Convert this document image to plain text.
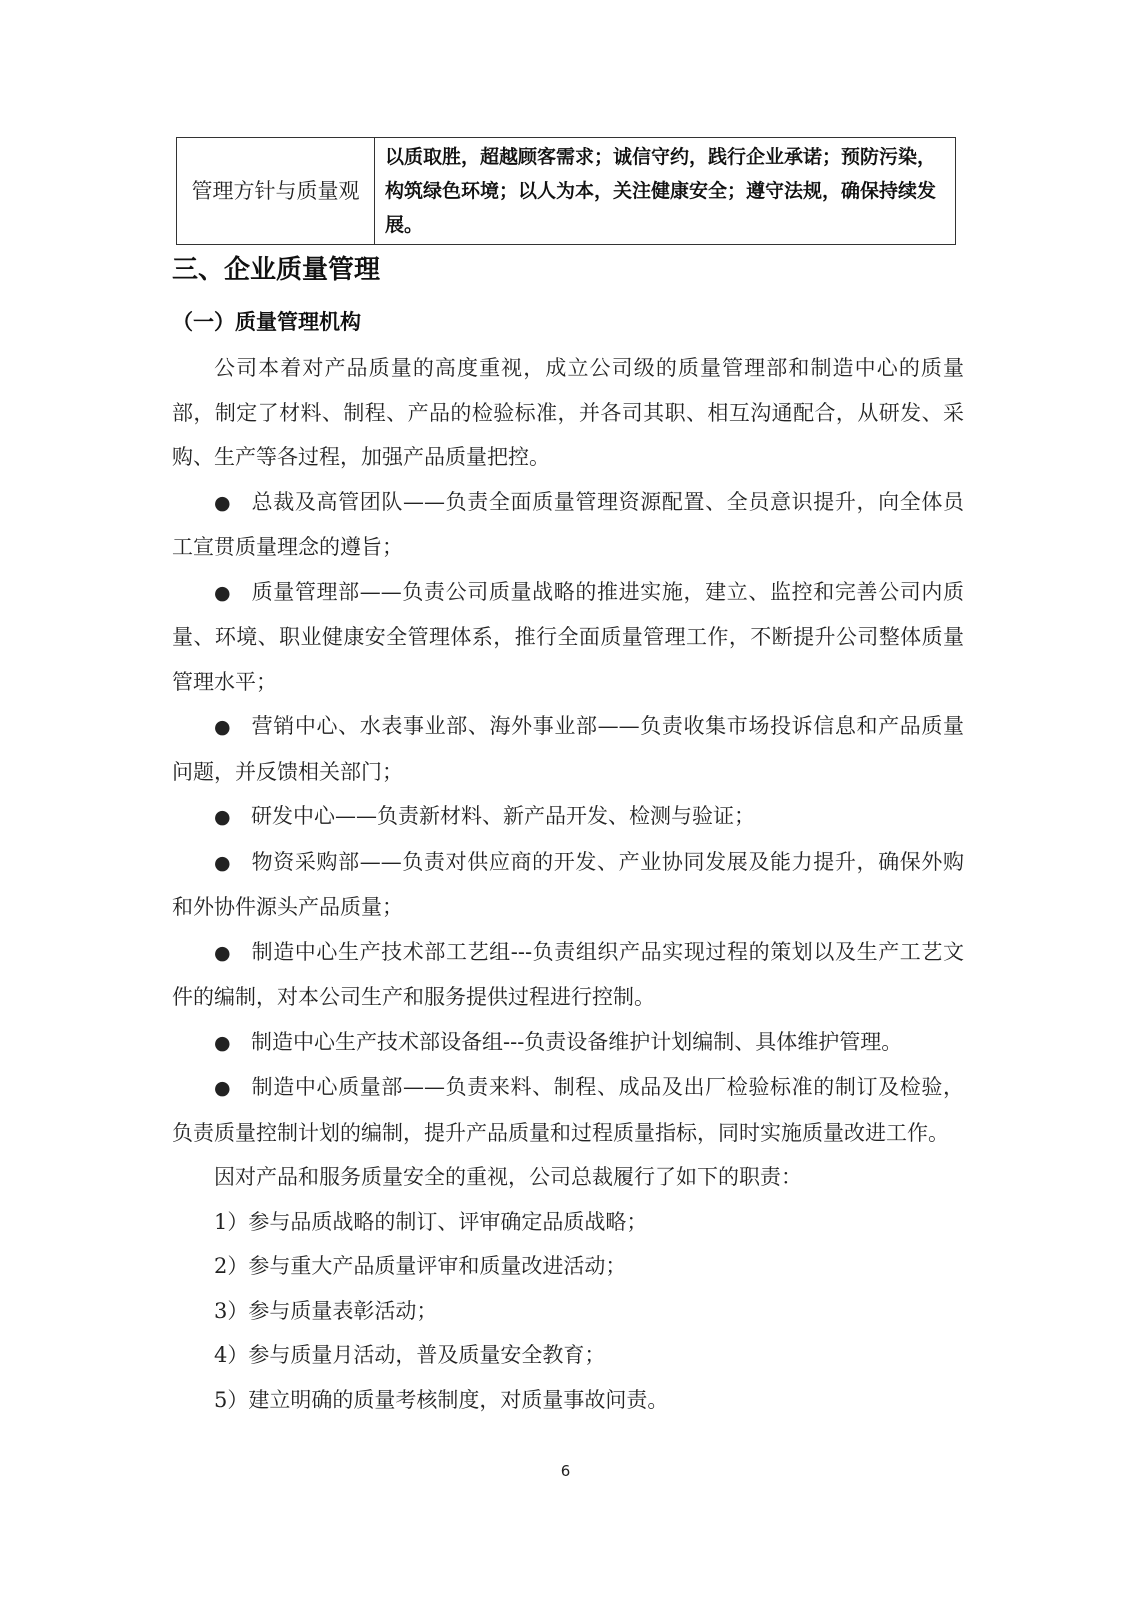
管理方针与质量观	以质取胜，超越顾客需求；诚信守约，践行企业承诺；预防污染，构筑绿色环境；以人为本，关注健康安全；遵守法规，确保持续发展。
三、企业质量管理
（一）质量管理机构

公司本着对产品质量的高度重视，成立公司级的质量管理部和制造中心的质量部，制定了材料、制程、产品的检验标准，并各司其职、相互沟通配合，从研发、采购、生产等各过程，加强产品质量把控。

● 总裁及高管团队——负责全面质量管理资源配置、全员意识提升，向全体员工宣贯质量理念的遵旨；

● 质量管理部——负责公司质量战略的推进实施，建立、监控和完善公司内质量、环境、职业健康安全管理体系，推行全面质量管理工作，不断提升公司整体质量管理水平；

● 营销中心、水表事业部、海外事业部——负责收集市场投诉信息和产品质量问题，并反馈相关部门；

● 研发中心——负责新材料、新产品开发、检测与验证；

● 物资采购部——负责对供应商的开发、产业协同发展及能力提升，确保外购和外协件源头产品质量；

● 制造中心生产技术部工艺组---负责组织产品实现过程的策划以及生产工艺文件的编制，对本公司生产和服务提供过程进行控制。

● 制造中心生产技术部设备组---负责设备维护计划编制、具体维护管理。

● 制造中心质量部——负责来料、制程、成品及出厂检验标准的制订及检验，负责质量控制计划的编制，提升产品质量和过程质量指标，同时实施质量改进工作。

因对产品和服务质量安全的重视，公司总裁履行了如下的职责：

1）参与品质战略的制订、评审确定品质战略；

2）参与重大产品质量评审和质量改进活动；

3）参与质量表彰活动；

4）参与质量月活动，普及质量安全教育；

5）建立明确的质量考核制度，对质量事故问责。

6
